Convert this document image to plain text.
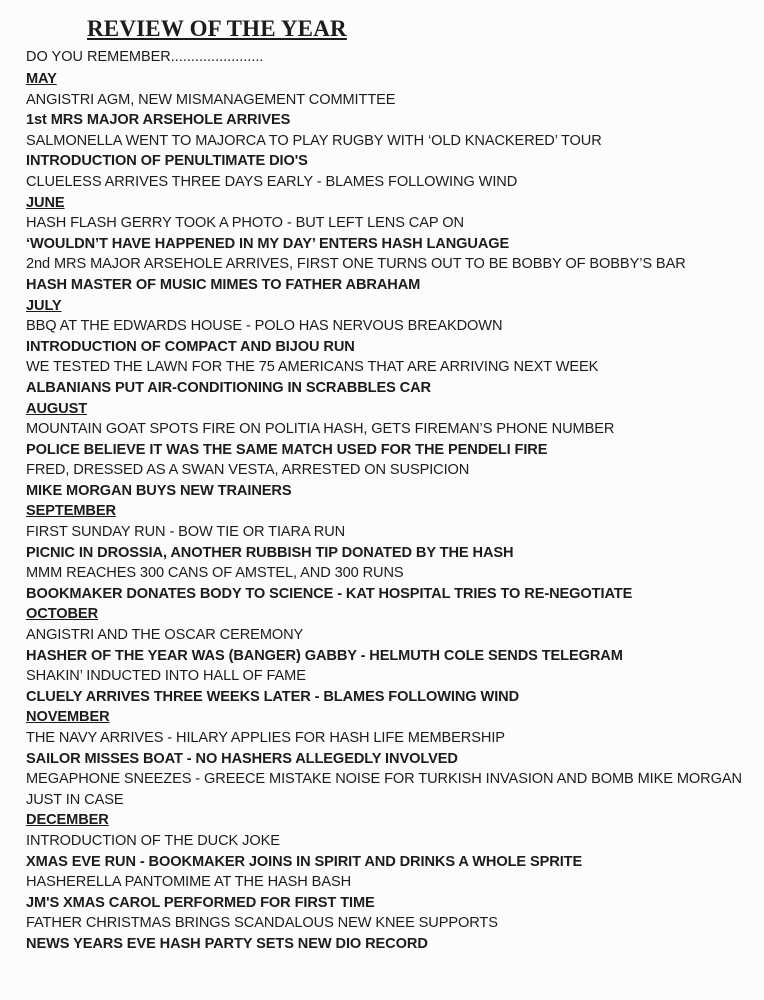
REVIEW OF THE YEAR
DO YOU REMEMBER.......................
MAY
ANGISTRI AGM, NEW MISMANAGEMENT COMMITTEE
1st MRS MAJOR ARSEHOLE ARRIVES
SALMONELLA WENT TO MAJORCA TO PLAY RUGBY WITH ‘OLD KNACKERED’ TOUR
INTRODUCTION OF PENULTIMATE DIO'S
CLUELESS ARRIVES THREE DAYS EARLY - BLAMES FOLLOWING WIND
JUNE
HASH FLASH GERRY TOOK A PHOTO - BUT LEFT LENS CAP ON
‘WOULDN’T HAVE HAPPENED IN MY DAY’ ENTERS HASH LANGUAGE
2nd MRS MAJOR ARSEHOLE ARRIVES, FIRST ONE TURNS OUT TO BE BOBBY OF BOBBY’S BAR
HASH MASTER OF MUSIC MIMES TO FATHER ABRAHAM
JULY
BBQ AT THE EDWARDS HOUSE - POLO HAS NERVOUS BREAKDOWN
INTRODUCTION OF COMPACT AND BIJOU RUN
WE TESTED THE LAWN FOR THE 75 AMERICANS THAT ARE ARRIVING NEXT WEEK
ALBANIANS PUT AIR-CONDITIONING IN SCRABBLES CAR
AUGUST
MOUNTAIN GOAT SPOTS FIRE ON POLITIA HASH, GETS FIREMAN’S PHONE NUMBER
POLICE BELIEVE IT WAS THE SAME MATCH USED FOR THE PENDELI FIRE
FRED, DRESSED AS A SWAN VESTA, ARRESTED ON SUSPICION
MIKE MORGAN BUYS NEW TRAINERS
SEPTEMBER
FIRST SUNDAY RUN - BOW TIE OR TIARA RUN
PICNIC IN DROSSIA, ANOTHER RUBBISH TIP DONATED BY THE HASH
MMM REACHES 300 CANS OF AMSTEL, AND 300 RUNS
BOOKMAKER DONATES BODY TO SCIENCE - KAT HOSPITAL TRIES TO RE-NEGOTIATE
OCTOBER
ANGISTRI AND THE OSCAR CEREMONY
HASHER OF THE YEAR WAS (BANGER) GABBY - HELMUTH COLE SENDS TELEGRAM
SHAKIN’ INDUCTED INTO HALL OF FAME
CLUELY ARRIVES THREE WEEKS LATER - BLAMES FOLLOWING WIND
NOVEMBER
THE NAVY ARRIVES - HILARY APPLIES FOR HASH LIFE MEMBERSHIP
SAILOR MISSES BOAT - NO HASHERS ALLEGEDLY INVOLVED
MEGAPHONE SNEEZES - GREECE MISTAKE NOISE FOR TURKISH INVASION AND BOMB MIKE MORGAN JUST IN CASE
DECEMBER
INTRODUCTION OF THE DUCK JOKE
XMAS EVE RUN - BOOKMAKER JOINS IN SPIRIT AND DRINKS A WHOLE SPRITE
HASHERELLA PANTOMIME AT THE HASH BASH
JM'S XMAS CAROL PERFORMED FOR FIRST TIME
FATHER CHRISTMAS BRINGS SCANDALOUS NEW KNEE SUPPORTS
NEWS YEARS EVE HASH PARTY SETS NEW DIO RECORD
